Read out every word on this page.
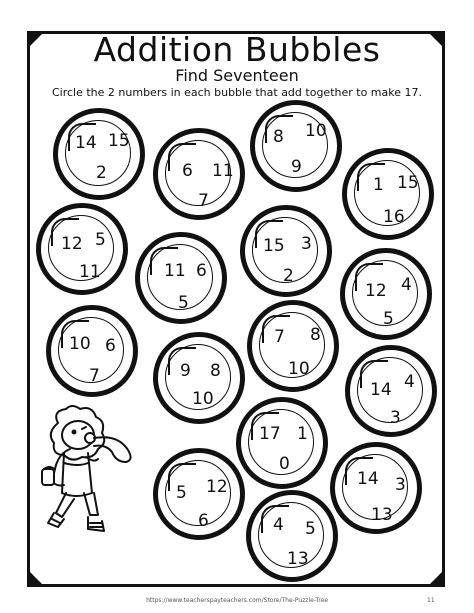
Addition Bubbles
Find Seventeen
Circle the 2 numbers in each bubble that add together to make 17.
14 15
2	6 11
7
8 10
9
1 15
16
12 5
11	11 6
5
15 3
2
12 4
5
10 6
7	9 8
10
7 8
10
14 4
3
17 1
0
5 12
6
14 3
13
4 5
13
https://www.teacherspayteachers.com/Store/The-Puzzle-Tree	11
